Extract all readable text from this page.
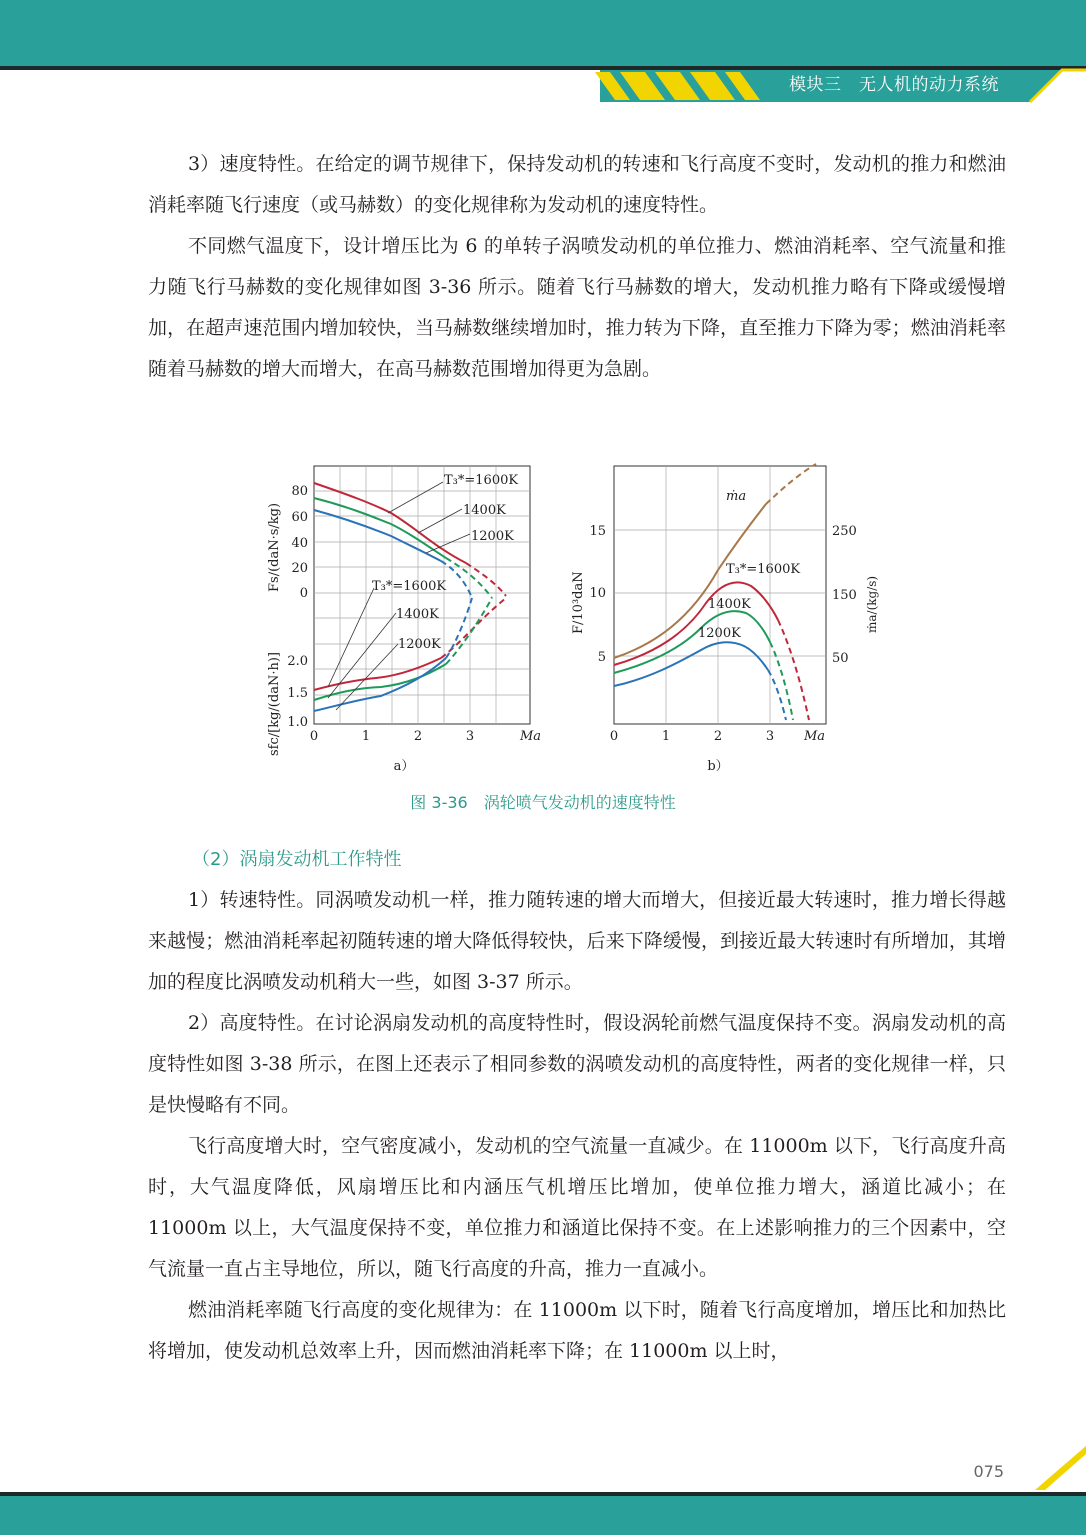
模块三　无人机的动力系统

3）速度特性。在给定的调节规律下，保持发动机的转速和飞行高度不变时，发动机的推力和燃油消耗率随飞行速度（或马赫数）的变化规律称为发动机的速度特性。

不同燃气温度下，设计增压比为 6 的单转子涡喷发动机的单位推力、燃油消耗率、空气流量和推力随飞行马赫数的变化规律如图 3-36 所示。随着飞行马赫数的增大，发动机推力略有下降或缓慢增加，在超声速范围内增加较快，当马赫数继续增加时，推力转为下降，直至推力下降为零；燃油消耗率随着马赫数的增大而增大，在高马赫数范围增加得更为急剧。

T₃*=1600K
1400K
1200K
T₃*=1600K
1400K
1200K
80
60
40
20
0
2.0
1.5
1.0
0	1	2	3	Ma
Fs/(daN·s/kg)
sfc/[kg/(daN·h)]
a）
ṁa
T₃*=1600K
1400K
1200K
15
10
5
250
150
50
0	1	2	3 Ma
F/10³daN	ṁa/(kg/s)
b）
图 3-36　涡轮喷气发动机的速度特性
（2）涡扇发动机工作特性

1）转速特性。同涡喷发动机一样，推力随转速的增大而增大，但接近最大转速时，推力增长得越来越慢；燃油消耗率起初随转速的增大降低得较快，后来下降缓慢，到接近最大转速时有所增加，其增加的程度比涡喷发动机稍大一些，如图 3-37 所示。

2）高度特性。在讨论涡扇发动机的高度特性时，假设涡轮前燃气温度保持不变。涡扇发动机的高度特性如图 3-38 所示，在图上还表示了相同参数的涡喷发动机的高度特性，两者的变化规律一样，只是快慢略有不同。

飞行高度增大时，空气密度减小，发动机的空气流量一直减少。在 11000m 以下，飞行高度升高时，大气温度降低，风扇增压比和内涵压气机增压比增加，使单位推力增大，涵道比减小；在 11000m 以上，大气温度保持不变，单位推力和涵道比保持不变。在上述影响推力的三个因素中，空气流量一直占主导地位，所以，随飞行高度的升高，推力一直减小。

燃油消耗率随飞行高度的变化规律为：在 11000m 以下时，随着飞行高度增加，增压比和加热比将增加，使发动机总效率上升，因而燃油消耗率下降；在 11000m 以上时，

075
